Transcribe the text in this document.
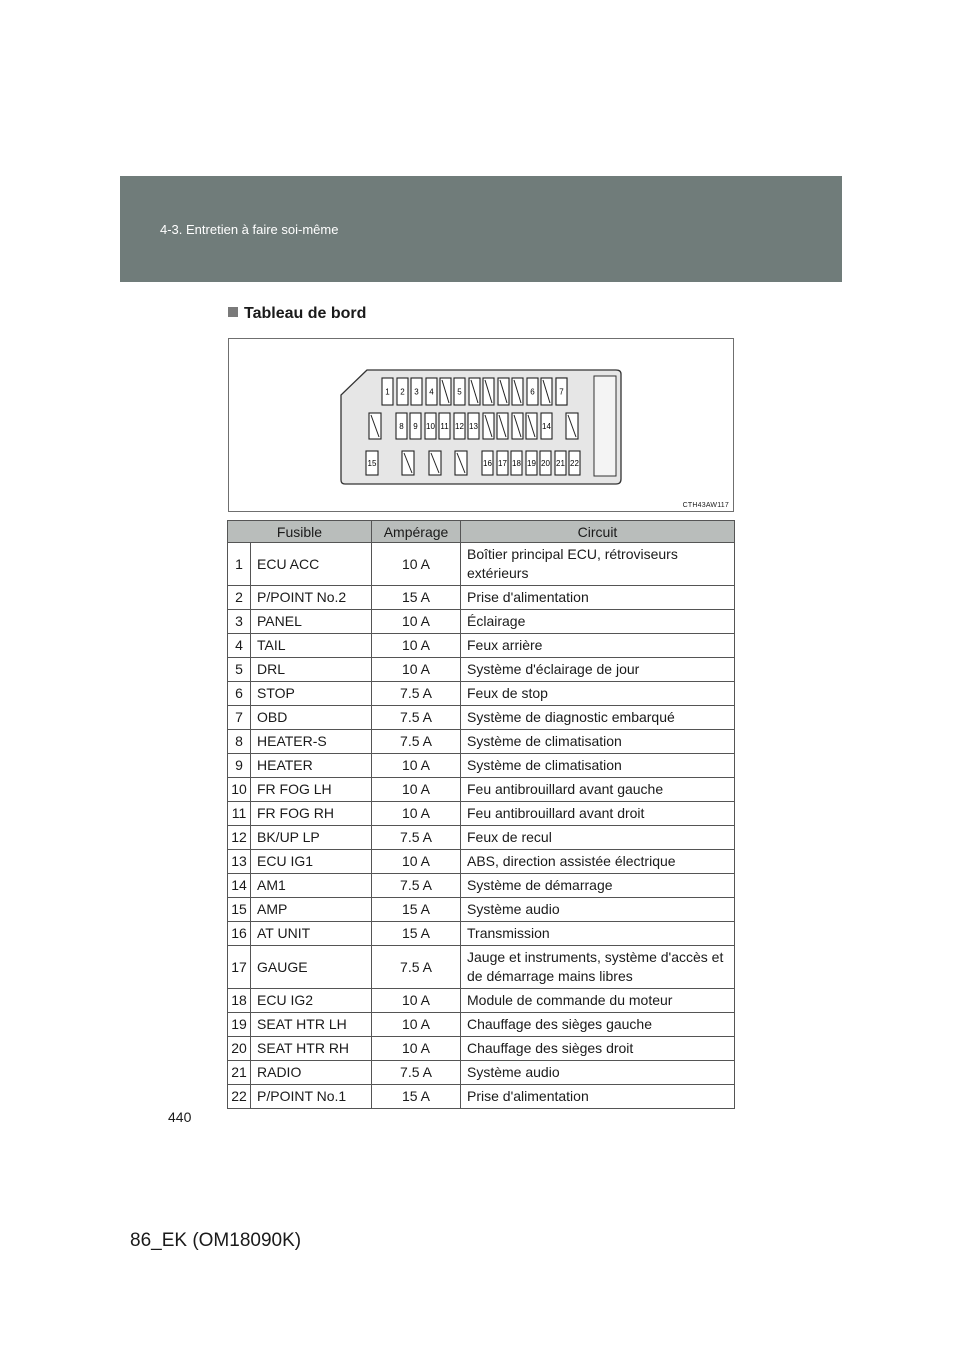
4-3. Entretien à faire soi-même
Tableau de bord
1 2 3 4	5	6	7
8 9 10 11 12 13	14
15	16 17 18 19 20 21 22
CTH43AW117
Fusible		Ampérage	Circuit
1	ECU ACC	10 A	Boîtier principal ECU, rétroviseurs extérieurs
2	P/POINT No.2	15 A	Prise d'alimentation
3	PANEL	10 A	Éclairage
4	TAIL	10 A	Feux arrière
5	DRL	10 A	Système d'éclairage de jour
6	STOP	7.5 A	Feux de stop
7	OBD	7.5 A	Système de diagnostic embarqué
8	HEATER-S	7.5 A	Système de climatisation
9	HEATER	10 A	Système de climatisation
10	FR FOG LH	10 A	Feu antibrouillard avant gauche
11	FR FOG RH	10 A	Feu antibrouillard avant droit
12	BK/UP LP	7.5 A	Feux de recul
13	ECU IG1	10 A	ABS, direction assistée électrique
14	AM1	7.5 A	Système de démarrage
15	AMP	15 A	Système audio
16	AT UNIT	15 A	Transmission
17	GAUGE	7.5 A	Jauge et instruments, système d'accès et de démarrage mains libres
18	ECU IG2	10 A	Module de commande du moteur
19	SEAT HTR LH	10 A	Chauffage des sièges gauche
20	SEAT HTR RH	10 A	Chauffage des sièges droit
21	RADIO	7.5 A	Système audio
22	P/POINT No.1	15 A	Prise d'alimentation
440
86_EK (OM18090K)
